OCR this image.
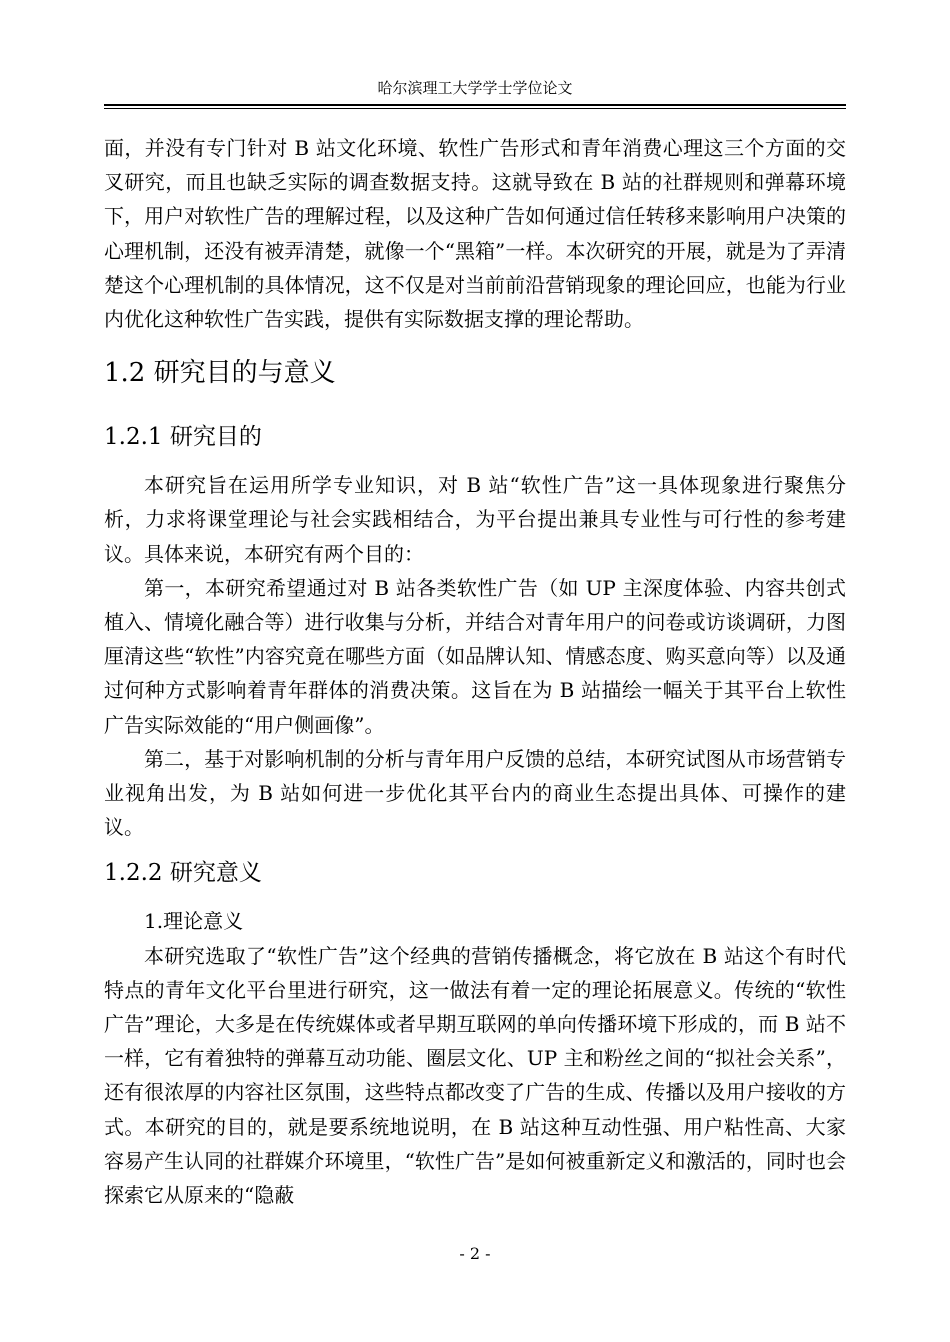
哈尔滨理工大学学士学位论文

面，并没有专门针对 B 站文化环境、软性广告形式和青年消费心理这三个方面的交叉研究，而且也缺乏实际的调查数据支持。这就导致在 B 站的社群规则和弹幕环境下，用户对软性广告的理解过程，以及这种广告如何通过信任转移来影响用户决策的心理机制，还没有被弄清楚，就像一个“黑箱”一样。本次研究的开展，就是为了弄清楚这个心理机制的具体情况，这不仅是对当前前沿营销现象的理论回应，也能为行业内优化这种软性广告实践，提供有实际数据支撑的理论帮助。

1.2 研究目的与意义
1.2.1 研究目的

本研究旨在运用所学专业知识，对 B 站“软性广告”这一具体现象进行聚焦分析，力求将课堂理论与社会实践相结合，为平台提出兼具专业性与可行性的参考建议。具体来说，本研究有两个目的：

第一，本研究希望通过对 B 站各类软性广告（如 UP 主深度体验、内容共创式植入、情境化融合等）进行收集与分析，并结合对青年用户的问卷或访谈调研，力图厘清这些“软性”内容究竟在哪些方面（如品牌认知、情感态度、购买意向等）以及通过何种方式影响着青年群体的消费决策。这旨在为 B 站描绘一幅关于其平台上软性广告实际效能的“用户侧画像”。

第二，基于对影响机制的分析与青年用户反馈的总结，本研究试图从市场营销专业视角出发，为 B 站如何进一步优化其平台内的商业生态提出具体、可操作的建议。

1.2.2 研究意义

1.理论意义

本研究选取了“软性广告”这个经典的营销传播概念，将它放在 B 站这个有时代特点的青年文化平台里进行研究，这一做法有着一定的理论拓展意义。传统的“软性广告”理论，大多是在传统媒体或者早期互联网的单向传播环境下形成的，而 B 站不一样，它有着独特的弹幕互动功能、圈层文化、UP 主和粉丝之间的“拟社会关系”，还有很浓厚的内容社区氛围，这些特点都改变了广告的生成、传播以及用户接收的方式。本研究的目的，就是要系统地说明，在 B 站这种互动性强、用户粘性高、大家容易产生认同的社群媒介环境里，“软性广告”是如何被重新定义和激活的，同时也会探索它从原来的“隐蔽

- 2 -
